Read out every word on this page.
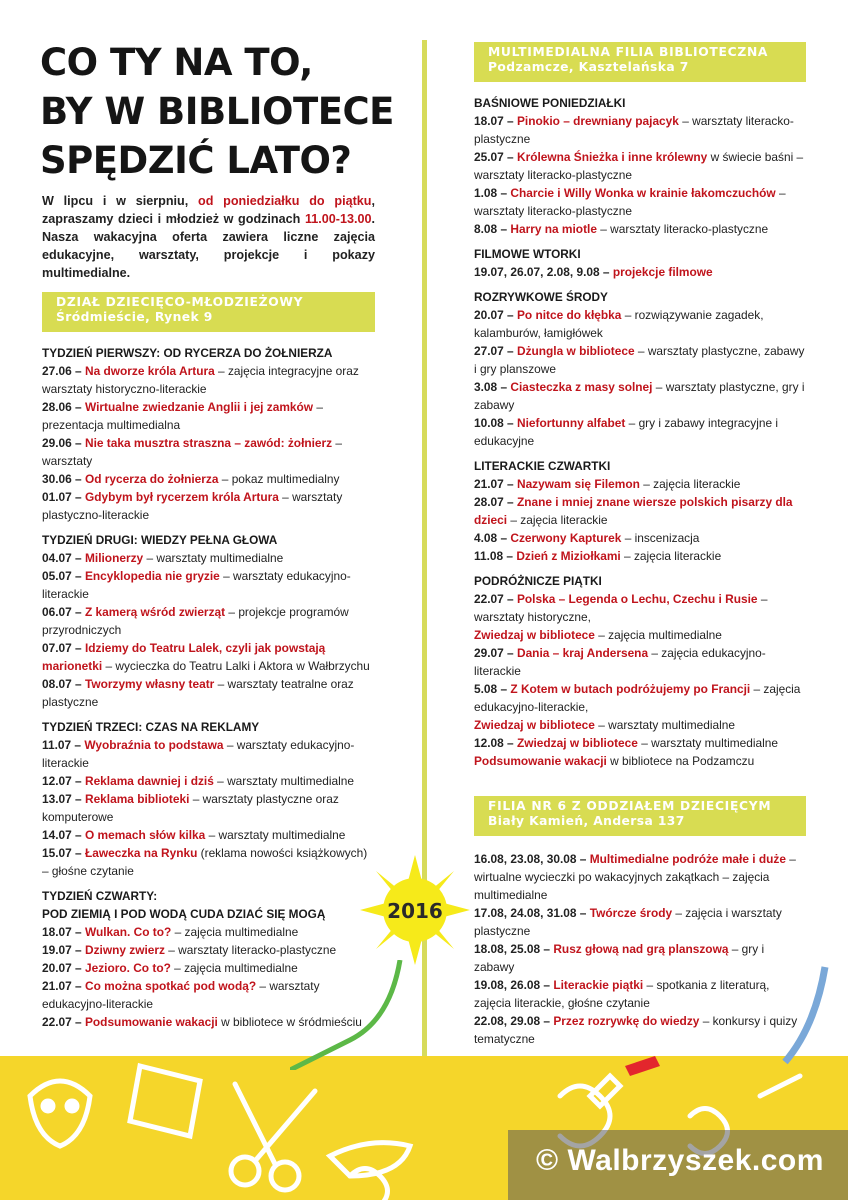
CO TY NA TO,
BY W BIBLIOTECE
SPĘDZIĆ LATO?
W lipcu i w sierpniu, od poniedziałku do piątku, zapraszamy dzieci i młodzież w godzinach 11.00-13.00. Nasza wakacyjna oferta zawiera liczne zajęcia edukacyjne, warsztaty, projekcje i pokazy multimedialne.
DZIAŁ DZIECIĘCO-MŁODZIEŻOWY
Śródmieście, Rynek 9
TYDZIEŃ PIERWSZY: OD RYCERZA DO ŻOŁNIERZA
27.06 – Na dworze króla Artura – zajęcia integracyjne oraz warsztaty historyczno-literackie
28.06 – Wirtualne zwiedzanie Anglii i jej zamków – prezentacja multimedialna
29.06 – Nie taka musztra straszna – zawód: żołnierz – warsztaty
30.06 – Od rycerza do żołnierza – pokaz multimedialny
01.07 – Gdybym był rycerzem króla Artura – warsztaty plastyczno-literackie
TYDZIEŃ DRUGI: WIEDZY PEŁNA GŁOWA
04.07 – Milionerzy – warsztaty multimedialne
05.07 – Encyklopedia nie gryzie – warsztaty edukacyjno-literackie
06.07 – Z kamerą wśród zwierząt – projekcje programów przyrodniczych
07.07 – Idziemy do Teatru Lalek, czyli jak powstają marionetki – wycieczka do Teatru Lalki i Aktora w Wałbrzychu
08.07 – Tworzymy własny teatr – warsztaty teatralne oraz plastyczne
TYDZIEŃ TRZECI: CZAS NA REKLAMY
11.07 – Wyobraźnia to podstawa – warsztaty edukacyjno-literackie
12.07 – Reklama dawniej i dziś – warsztaty multimedialne
13.07 – Reklama biblioteki – warsztaty plastyczne oraz komputerowe
14.07 – O memach słów kilka – warsztaty multimedialne
15.07 – Ławeczka na Rynku (reklama nowości książkowych) – głośne czytanie
TYDZIEŃ CZWARTY:
POD ZIEMIĄ I POD WODĄ CUDA DZIAĆ SIĘ MOGĄ
18.07 – Wulkan. Co to? – zajęcia multimedialne
19.07 – Dziwny zwierz – warsztaty literacko-plastyczne
20.07 – Jezioro. Co to? – zajęcia multimedialne
21.07 – Co można spotkać pod wodą? – warsztaty edukacyjno-literackie
22.07 – Podsumowanie wakacji w bibliotece w śródmieściu
MULTIMEDIALNA FILIA BIBLIOTECZNA
Podzamcze, Kasztelańska 7
BAŚNIOWE PONIEDZIAŁKI
18.07 – Pinokio – drewniany pajacyk – warsztaty literacko-plastyczne
25.07 – Królewna Śnieżka i inne królewny w świecie baśni – warsztaty literacko-plastyczne
1.08 – Charcie i Willy Wonka w krainie łakomczuchów – warsztaty literacko-plastyczne
8.08 – Harry na miotle – warsztaty literacko-plastyczne
FILMOWE WTORKI
19.07, 26.07, 2.08, 9.08 – projekcje filmowe
ROZRYWKOWE ŚRODY
20.07 – Po nitce do kłębka – rozwiązywanie zagadek, kalamburów, łamigłówek
27.07 – Dżungla w bibliotece – warsztaty plastyczne, zabawy i gry planszowe
3.08 – Ciasteczka z masy solnej – warsztaty plastyczne, gry i zabawy
10.08 – Niefortunny alfabet – gry i zabawy integracyjne i edukacyjne
LITERACKIE CZWARTKI
21.07 – Nazywam się Filemon – zajęcia literackie
28.07 – Znane i mniej znane wiersze polskich pisarzy dla dzieci – zajęcia literackie
4.08 – Czerwony Kapturek – inscenizacja
11.08 – Dzień z Miziołkami – zajęcia literackie
PODRÓŻNICZE PIĄTKI
22.07 – Polska – Legenda o Lechu, Czechu i Rusie – warsztaty historyczne,
Zwiedzaj w bibliotece – zajęcia multimedialne
29.07 – Dania – kraj Andersena – zajęcia edukacyjno-literackie
5.08 – Z Kotem w butach podróżujemy po Francji – zajęcia edukacyjno-literackie,
Zwiedzaj w bibliotece – warsztaty multimedialne
12.08 – Zwiedzaj w bibliotece – warsztaty multimedialne
Podsumowanie wakacji w bibliotece na Podzamczu
FILIA NR 6 Z ODDZIAŁEM DZIECIĘCYM
Biały Kamień, Andersa 137
16.08, 23.08, 30.08 – Multimedialne podróże małe i duże – wirtualne wycieczki po wakacyjnych zakątkach – zajęcia multimedialne
17.08, 24.08, 31.08 – Twórcze środy – zajęcia i warsztaty plastyczne
18.08, 25.08 – Rusz głową nad grą planszową – gry i zabawy
19.08, 26.08 – Literackie piątki – spotkania z literaturą, zajęcia literackie, głośne czytanie
22.08, 29.08 – Przez rozrywkę do wiedzy – konkursy i quizy tematyczne
2016
© Walbrzyszek.com
